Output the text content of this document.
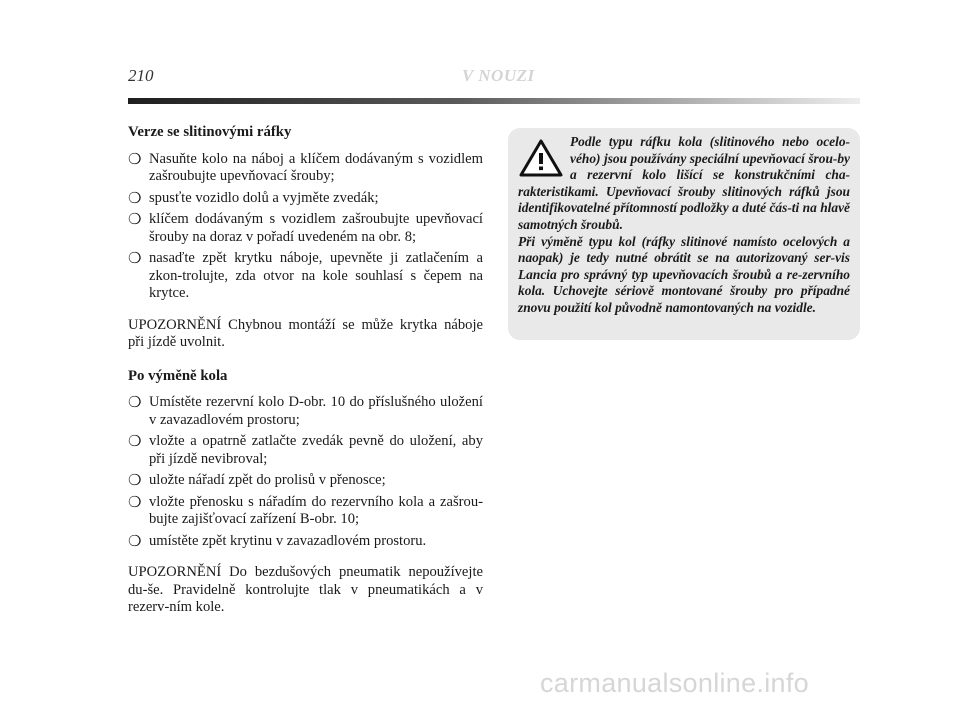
210	V NOUZI
Verze se slitinovými ráfky
❍ Nasuňte kolo na náboj a klíčem dodávaným s vozidlem zašroubujte upevňovací šrouby;
❍ spusťte vozidlo dolů a vyjměte zvedák;
❍ klíčem dodávaným s vozidlem zašroubujte upevňovací šrouby na doraz v pořadí uvedeném na obr. 8;
❍ nasaďte zpět krytku náboje, upevněte ji zatlačením a zkon-trolujte, zda otvor na kole souhlasí s čepem na krytce.

UPOZORNĚNÍ Chybnou montáží se může krytka náboje při jízdě uvolnit.

Po výměně kola
❍ Umístěte rezervní kolo D-obr. 10 do příslušného uložení v zavazadlovém prostoru;
❍ vložte a opatrně zatlačte zvedák pevně do uložení, aby při jízdě nevibroval;
❍ uložte nářadí zpět do prolisů v přenosce;
❍ vložte přenosku s nářadím do rezervního kola a zašrou-bujte zajišťovací zařízení B-obr. 10;
❍ umístěte zpět krytinu v zavazadlovém prostoru.

UPOZORNĚNÍ Do bezdušových pneumatik nepoužívejte du-še. Pravidelně kontrolujte tlak v pneumatikách a v rezerv-ním kole.

Podle typu ráfku kola (slitinového nebo ocelo-vého) jsou používány speciální upevňovací šrou-by a rezervní kolo lišící se konstrukčními cha-rakteristikami. Upevňovací šrouby slitinových ráfků jsou identifikovatelné přítomností podložky a duté čás-ti na hlavě samotných šroubů.

Při výměně typu kol (ráfky slitinové namísto ocelových a naopak) je tedy nutné obrátit se na autorizovaný ser-vis Lancia pro správný typ upevňovacích šroubů a re-zervního kola. Uchovejte sériově montované šrouby pro případné znovu použití kol původně namontovaných na vozidle.

carmanualsonline.info
